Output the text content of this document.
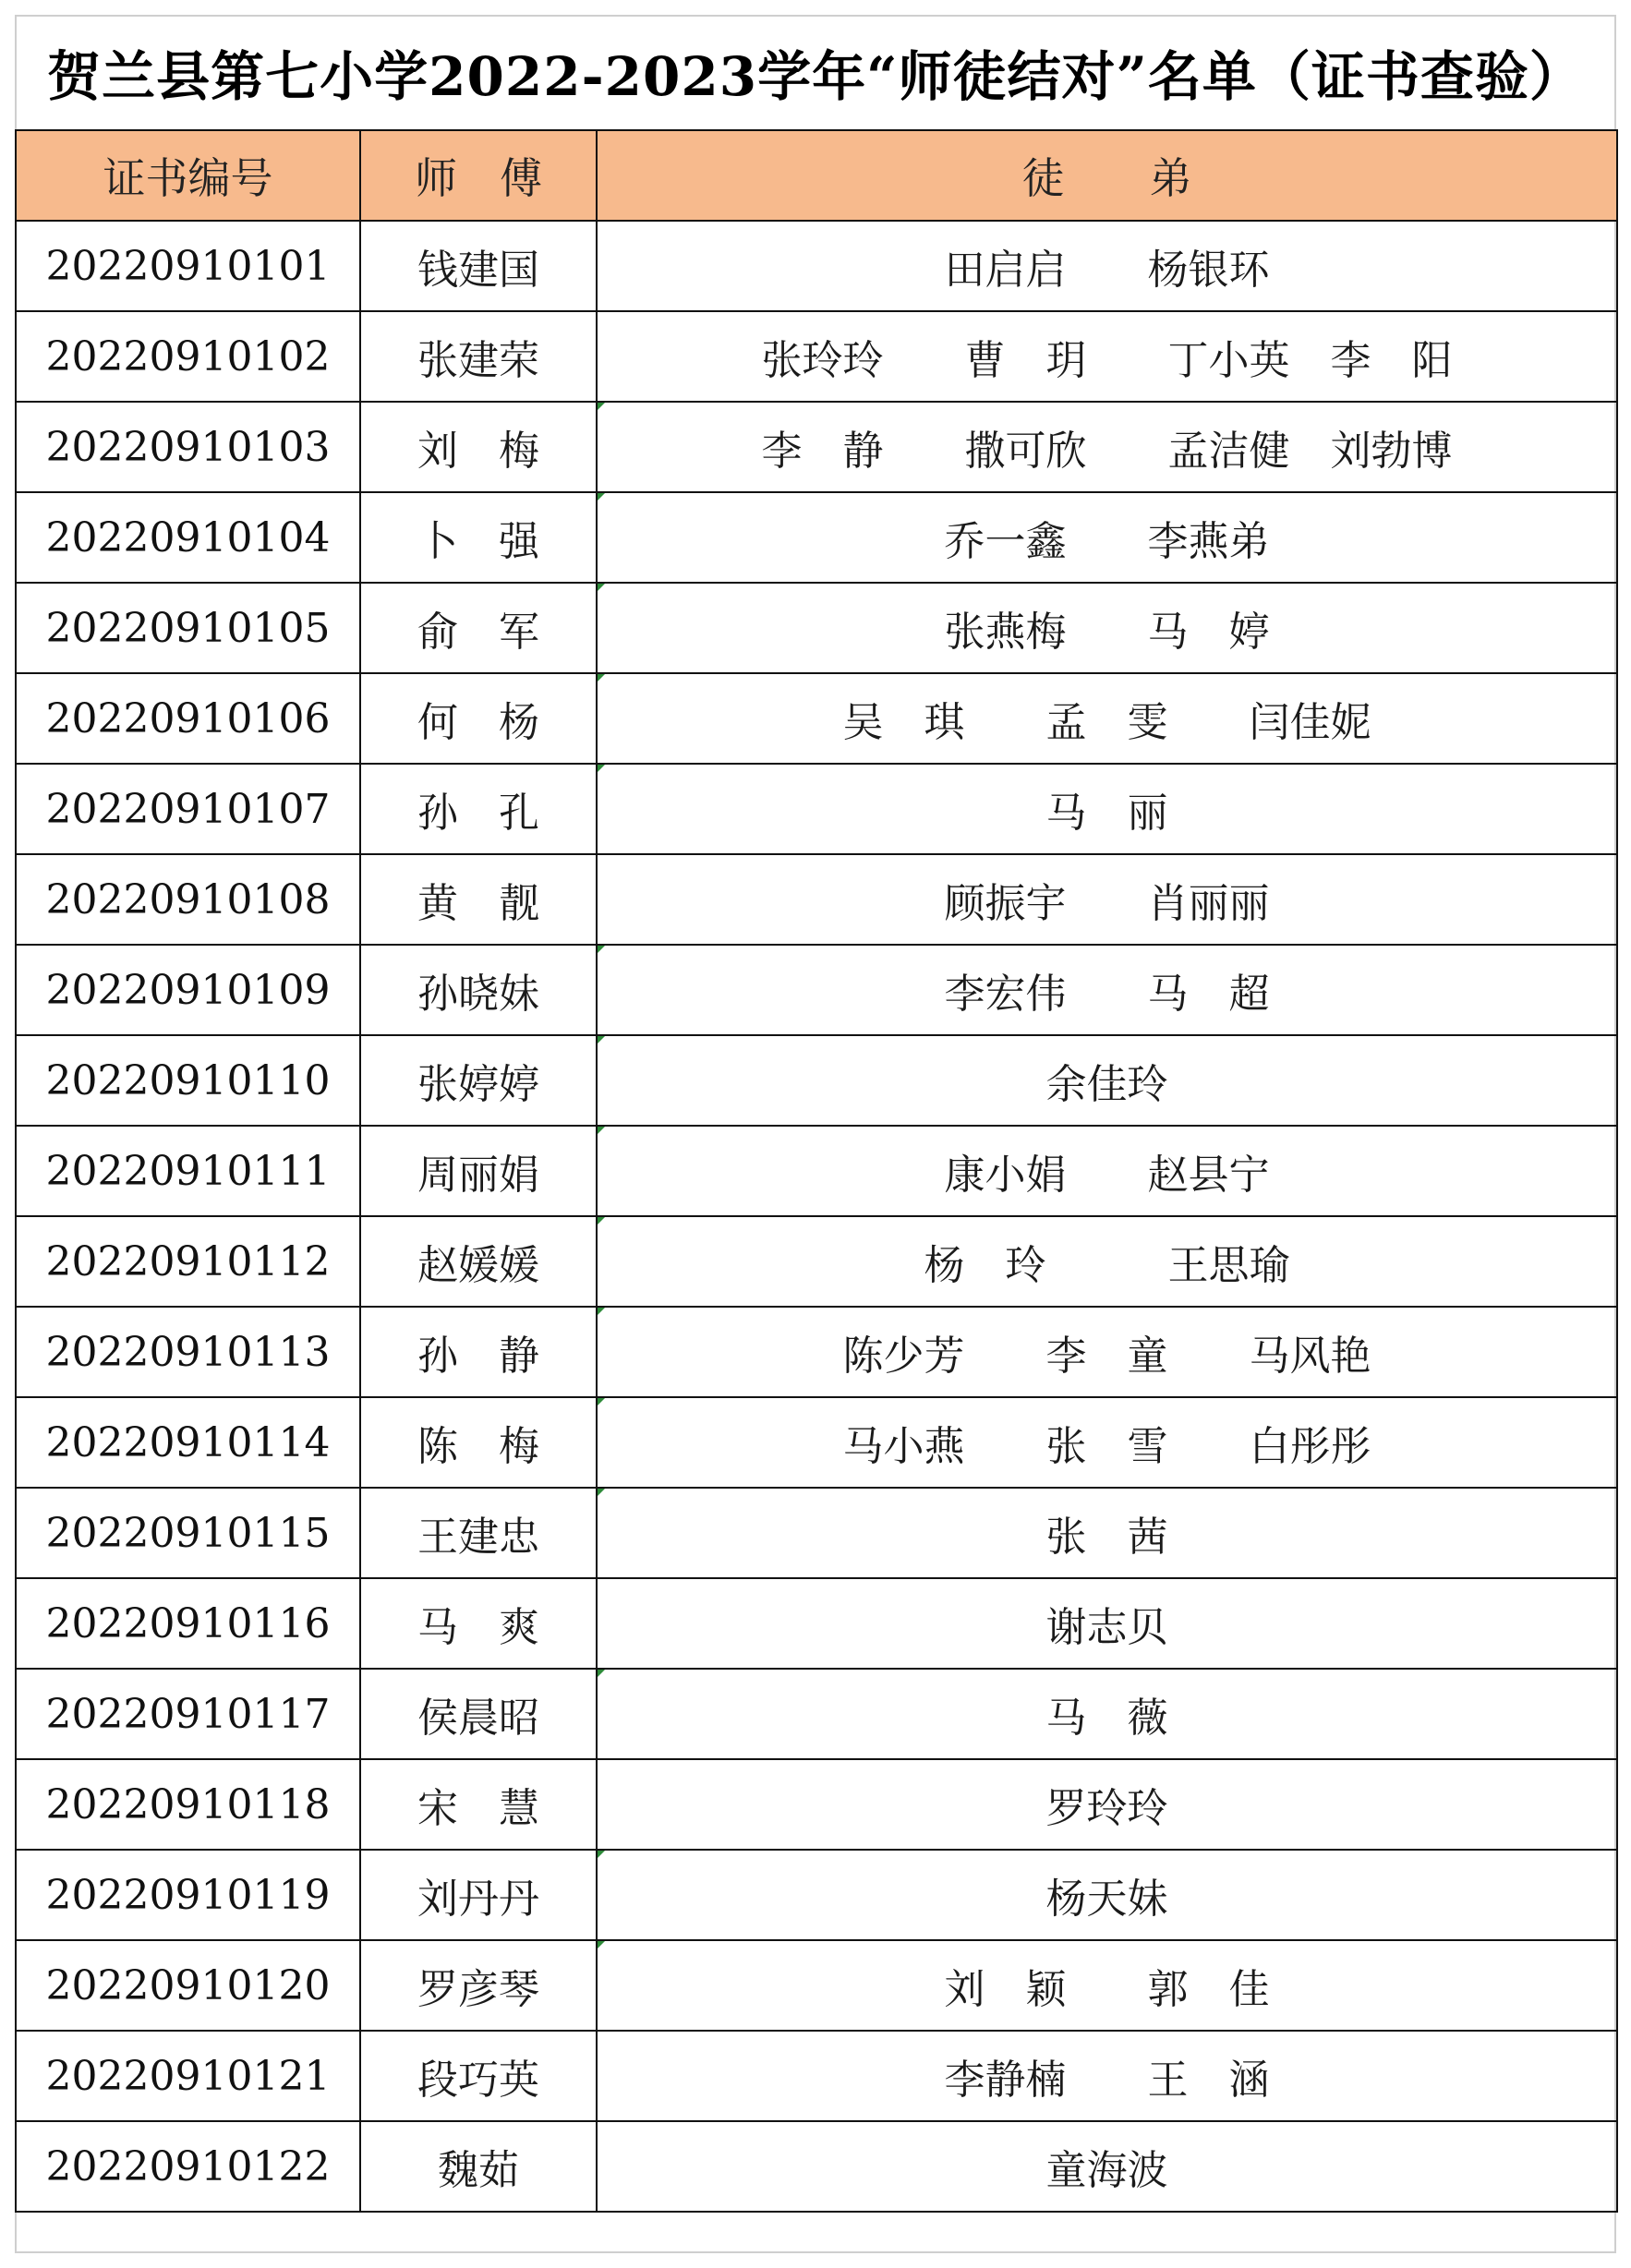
贺兰县第七小学2022-2023学年“师徒结对”名单（证书查验）
证书编号	师　傅	徒　　弟
20220910101	钱建国	田启启　　杨银环
20220910102	张建荣	张玲玲　　曹　玥　　丁小英　李　阳
20220910103	刘　梅	李　静　　撒可欣　　孟洁健　刘勃博
20220910104	卜　强	乔一鑫　　李燕弟
20220910105	俞　军	张燕梅　　马　婷
20220910106	何　杨	吴　琪　　孟　雯　　闫佳妮
20220910107	孙　孔	马　丽
20220910108	黄　靓	顾振宇　　肖丽丽
20220910109	孙晓妹	李宏伟　　马　超
20220910110	张婷婷	余佳玲
20220910111	周丽娟	康小娟　　赵县宁
20220910112	赵媛媛	杨　玲　　　王思瑜
20220910113	孙　静	陈少芳　　李　童　　马风艳
20220910114	陈　梅	马小燕　　张　雪　　白彤彤
20220910115	王建忠	张　茜
20220910116	马　爽	谢志贝
20220910117	侯晨昭	马　薇
20220910118	宋　慧	罗玲玲
20220910119	刘丹丹	杨天妹
20220910120	罗彦琴	刘　颖　　郭　佳
20220910121	段巧英	李静楠　　王　涵
20220910122	魏茹	童海波
